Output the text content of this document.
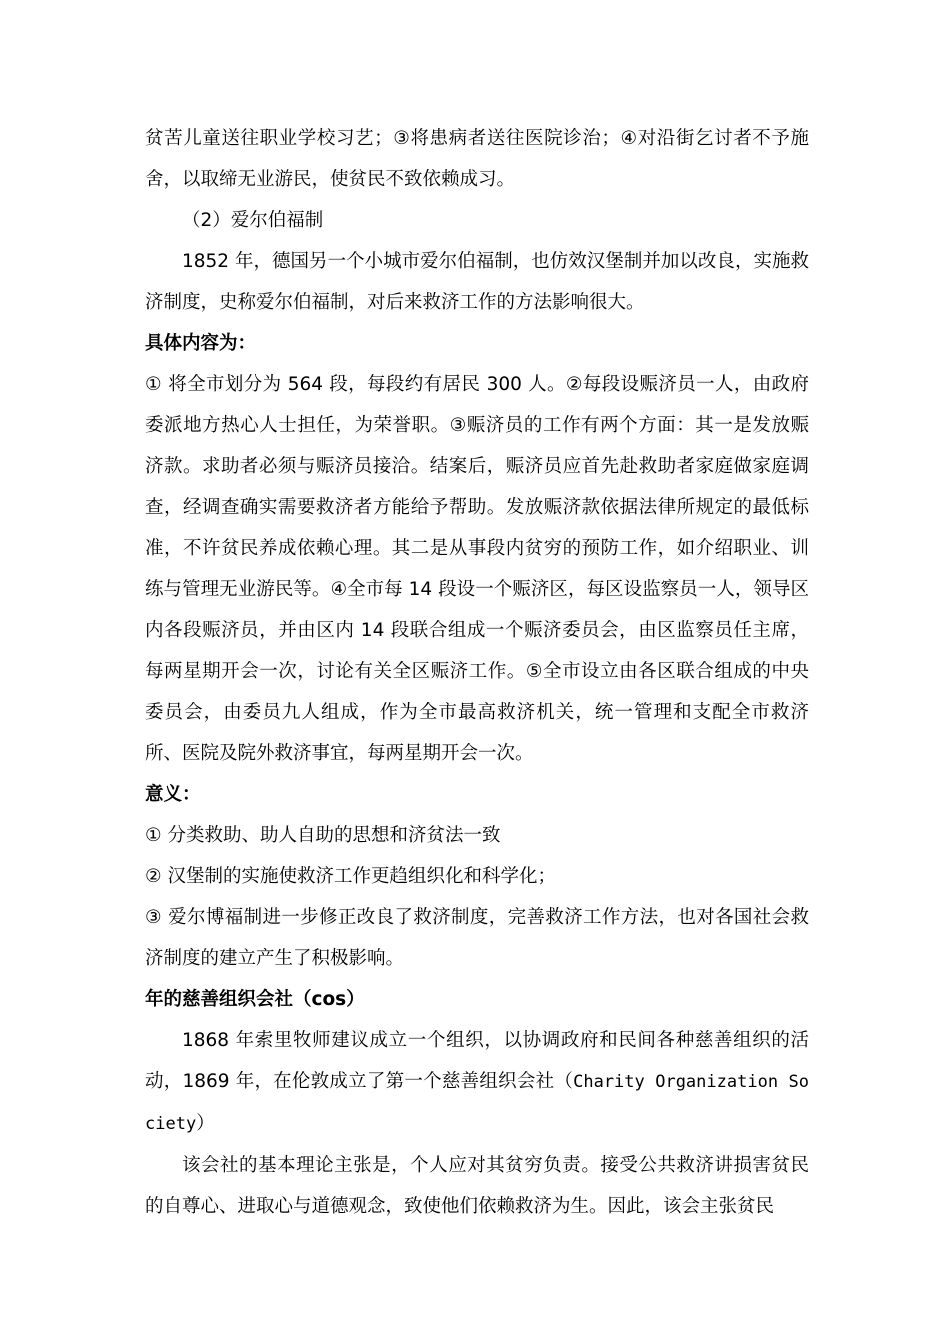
贫苦儿童送往职业学校习艺；③将患病者送往医院诊治；④对沿街乞讨者不予施舍，以取缔无业游民，使贫民不致依赖成习。

（2）爱尔伯福制

1852 年，德国另一个小城市爱尔伯福制，也仿效汉堡制并加以改良，实施救济制度，史称爱尔伯福制，对后来救济工作的方法影响很大。

具体内容为：

① 将全市划分为 564 段，每段约有居民 300 人。②每段设赈济员一人，由政府委派地方热心人士担任，为荣誉职。③赈济员的工作有两个方面：其一是发放赈济款。求助者必须与赈济员接洽。结案后，赈济员应首先赴救助者家庭做家庭调查，经调查确实需要救济者方能给予帮助。发放赈济款依据法律所规定的最低标准，不许贫民养成依赖心理。其二是从事段内贫穷的预防工作，如介绍职业、训练与管理无业游民等。④全市每 14 段设一个赈济区，每区设监察员一人，领导区内各段赈济员，并由区内 14 段联合组成一个赈济委员会，由区监察员任主席，每两星期开会一次，讨论有关全区赈济工作。⑤全市设立由各区联合组成的中央委员会，由委员九人组成，作为全市最高救济机关，统一管理和支配全市救济所、医院及院外救济事宜，每两星期开会一次。

意义：

① 分类救助、助人自助的思想和济贫法一致

② 汉堡制的实施使救济工作更趋组织化和科学化；

③ 爱尔博福制进一步修正改良了救济制度，完善救济工作方法，也对各国社会救济制度的建立产生了积极影响。

年的慈善组织会社（cos）

1868 年索里牧师建议成立一个组织，以协调政府和民间各种慈善组织的活动，1869 年，在伦敦成立了第一个慈善组织会社（Charity Organization Society）

该会社的基本理论主张是，个人应对其贫穷负责。接受公共救济讲损害贫民的自尊心、进取心与道德观念，致使他们依赖救济为生。因此，该会主张贫民
